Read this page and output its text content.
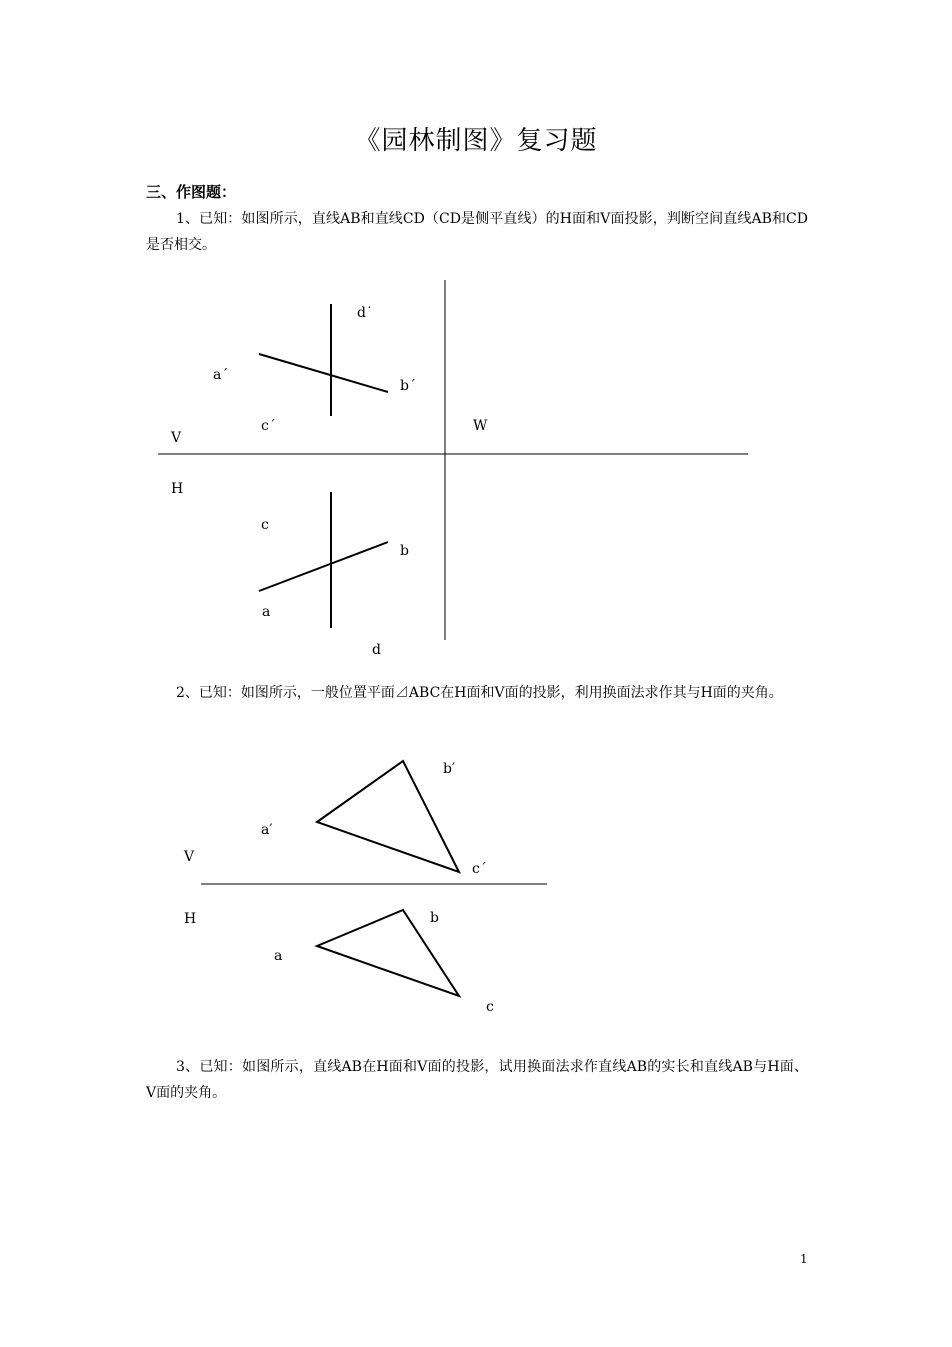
《园林制图》复习题
三、作图题：

1、已知：如图所示，直线AB和直线CD（CD是侧平直线）的H面和V面投影，判断空间直线AB和CD是否相交。

d˙
a´
b´
c´
V
W
H
c
b
a
d

2、已知：如图所示，一般位置平面⊿ABC在H面和V面的投影，利用换面法求作其与H面的夹角。

b′
a′
V
c´
H	b
a
c

3、已知：如图所示，直线AB在H面和V面的投影，试用换面法求作直线AB的实长和直线AB与H面、V面的夹角。

1
